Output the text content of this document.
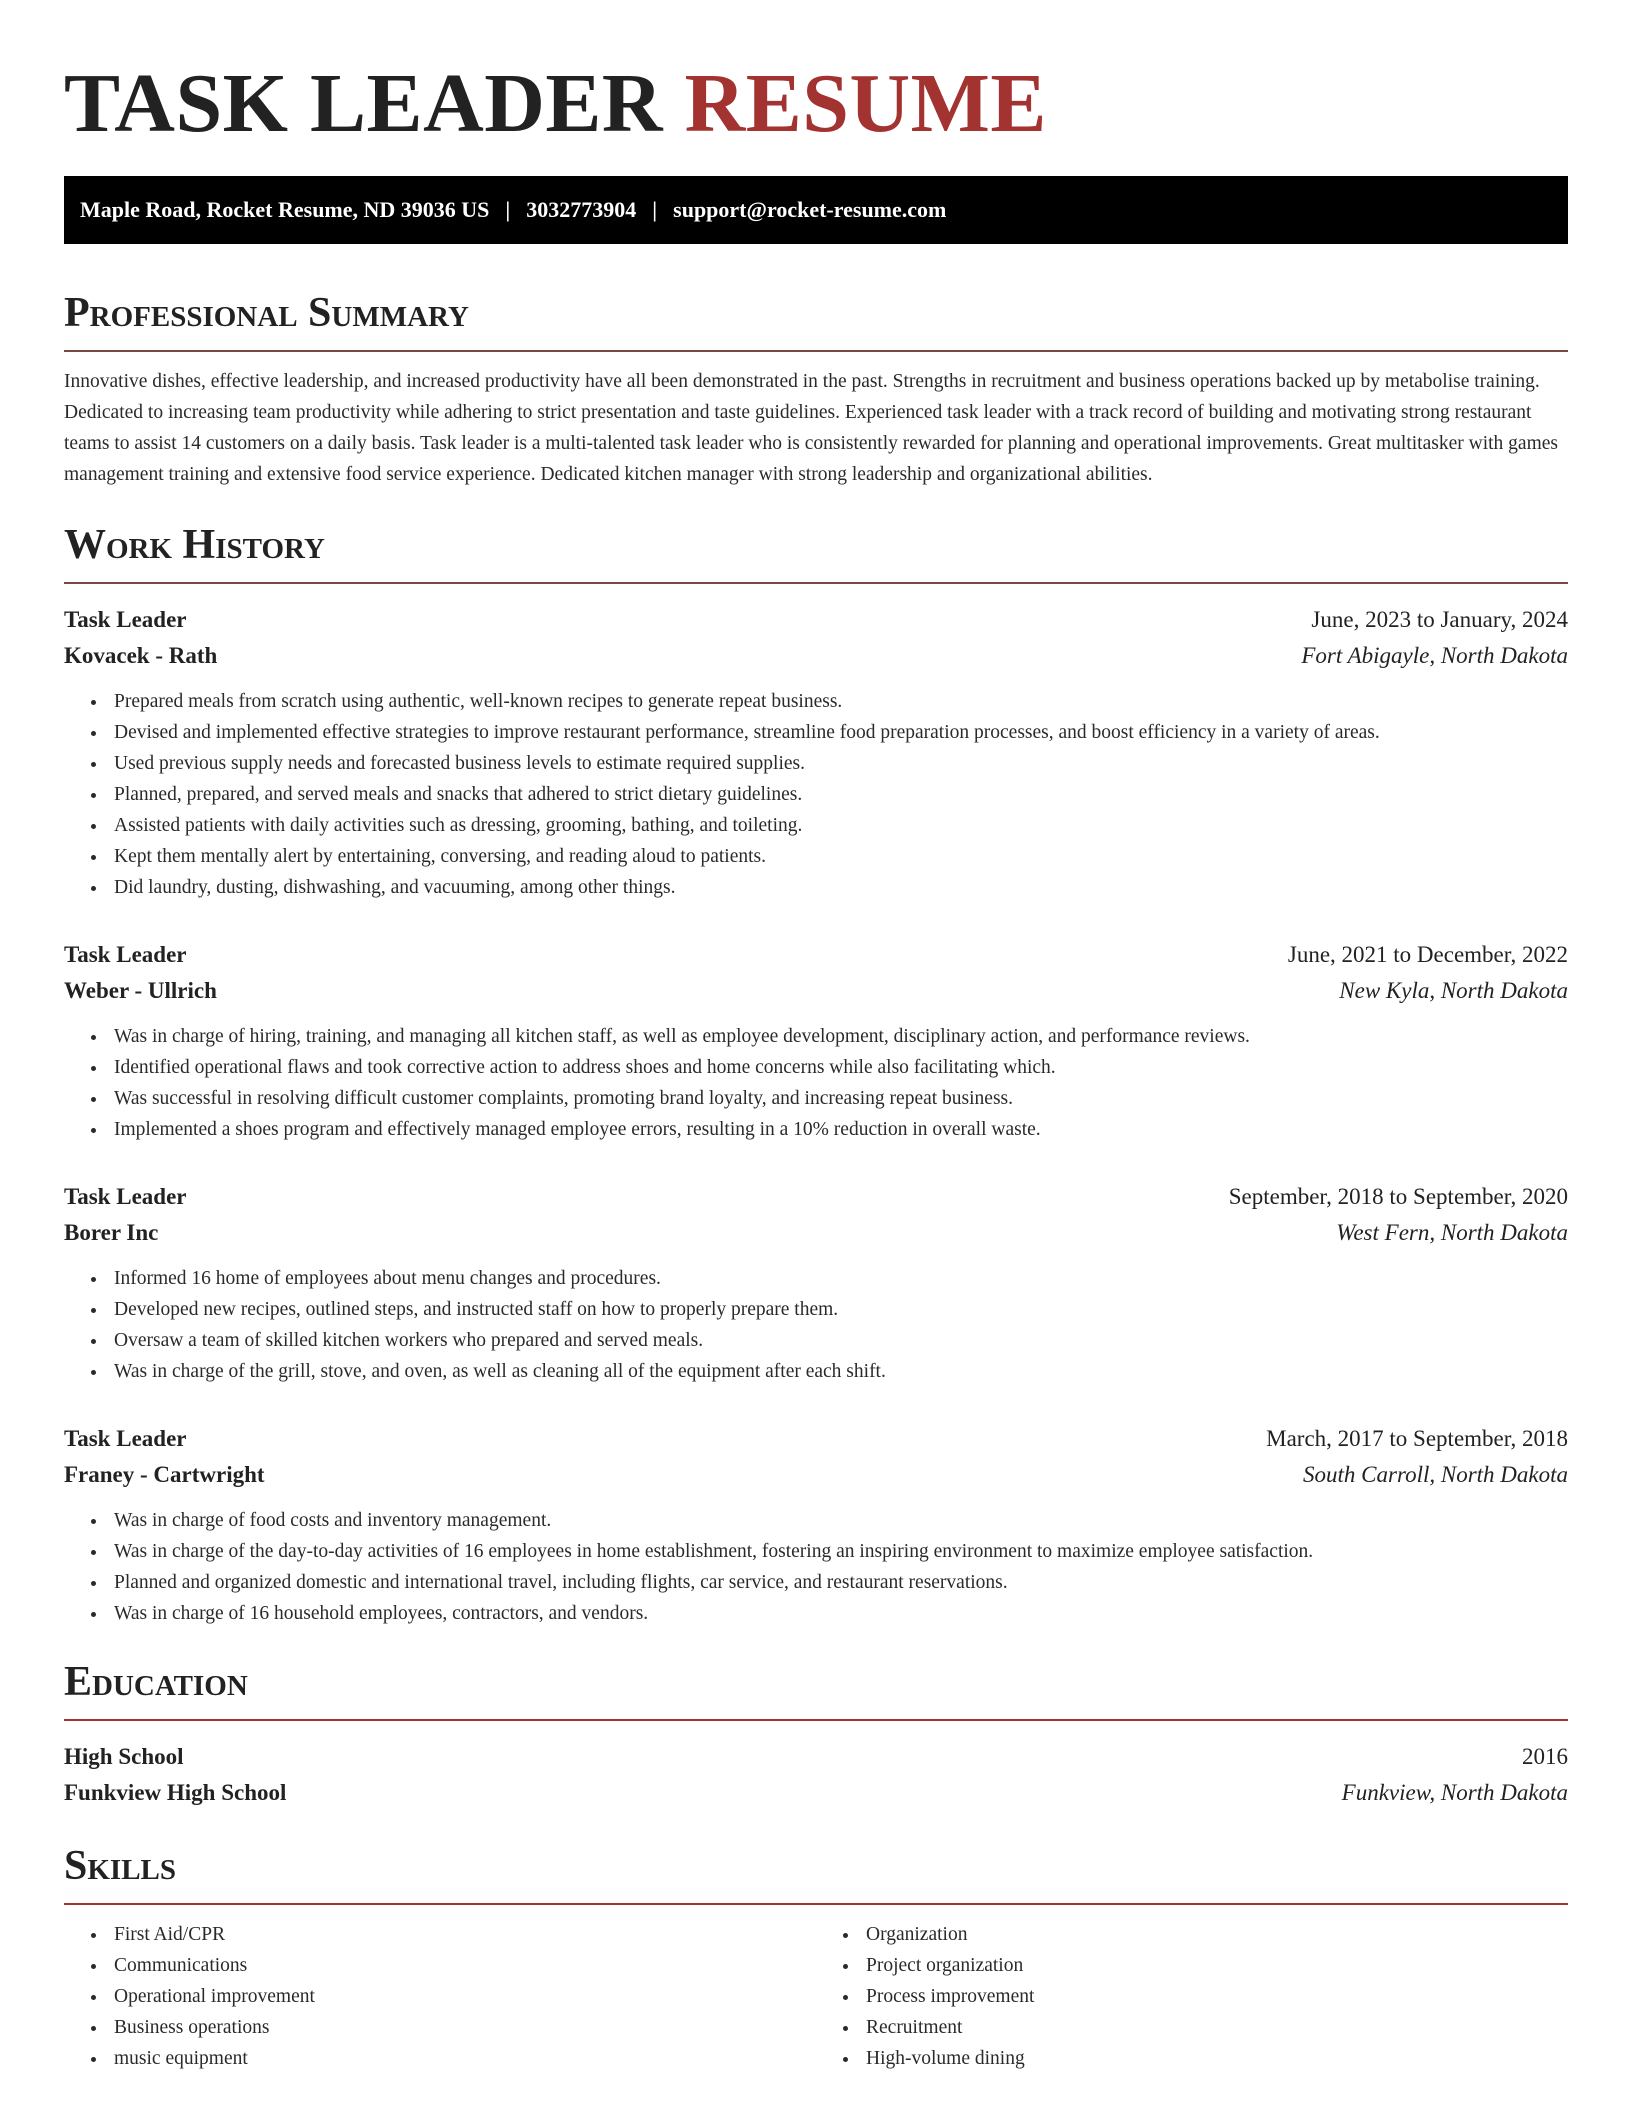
TASK LEADER RESUME
Maple Road, Rocket Resume, ND 39036 US | 3032773904 | support@rocket-resume.com
Professional Summary

Innovative dishes, effective leadership, and increased productivity have all been demonstrated in the past. Strengths in recruitment and business operations backed up by metabolise training. Dedicated to increasing team productivity while adhering to strict presentation and taste guidelines. Experienced task leader with a track record of building and motivating strong restaurant teams to assist 14 customers on a daily basis. Task leader is a multi-talented task leader who is consistently rewarded for planning and operational improvements. Great multitasker with games management training and extensive food service experience. Dedicated kitchen manager with strong leadership and organizational abilities.

Work History
Task Leader	June, 2023 to January, 2024
Kovacek - Rath	Fort Abigayle, North Dakota
• Prepared meals from scratch using authentic, well-known recipes to generate repeat business.
• Devised and implemented effective strategies to improve restaurant performance, streamline food preparation processes, and boost efficiency in a variety of areas.
• Used previous supply needs and forecasted business levels to estimate required supplies.
• Planned, prepared, and served meals and snacks that adhered to strict dietary guidelines.
• Assisted patients with daily activities such as dressing, grooming, bathing, and toileting.
• Kept them mentally alert by entertaining, conversing, and reading aloud to patients.
• Did laundry, dusting, dishwashing, and vacuuming, among other things.
Task Leader	June, 2021 to December, 2022
Weber - Ullrich	New Kyla, North Dakota
• Was in charge of hiring, training, and managing all kitchen staff, as well as employee development, disciplinary action, and performance reviews.
• Identified operational flaws and took corrective action to address shoes and home concerns while also facilitating which.
• Was successful in resolving difficult customer complaints, promoting brand loyalty, and increasing repeat business.
• Implemented a shoes program and effectively managed employee errors, resulting in a 10% reduction in overall waste.
Task Leader	September, 2018 to September, 2020
Borer Inc	West Fern, North Dakota
• Informed 16 home of employees about menu changes and procedures.
• Developed new recipes, outlined steps, and instructed staff on how to properly prepare them.
• Oversaw a team of skilled kitchen workers who prepared and served meals.
• Was in charge of the grill, stove, and oven, as well as cleaning all of the equipment after each shift.
Task Leader	March, 2017 to September, 2018
Franey - Cartwright	South Carroll, North Dakota
• Was in charge of food costs and inventory management.
• Was in charge of the day-to-day activities of 16 employees in home establishment, fostering an inspiring environment to maximize employee satisfaction.
• Planned and organized domestic and international travel, including flights, car service, and restaurant reservations.
• Was in charge of 16 household employees, contractors, and vendors.
Education
High School	2016
Funkview High School	Funkview, North Dakota
Skills
• First Aid/CPR
• Communications
• Operational improvement
• Business operations
• music equipment
• Organization
• Project organization
• Process improvement
• Recruitment
• High-volume dining
